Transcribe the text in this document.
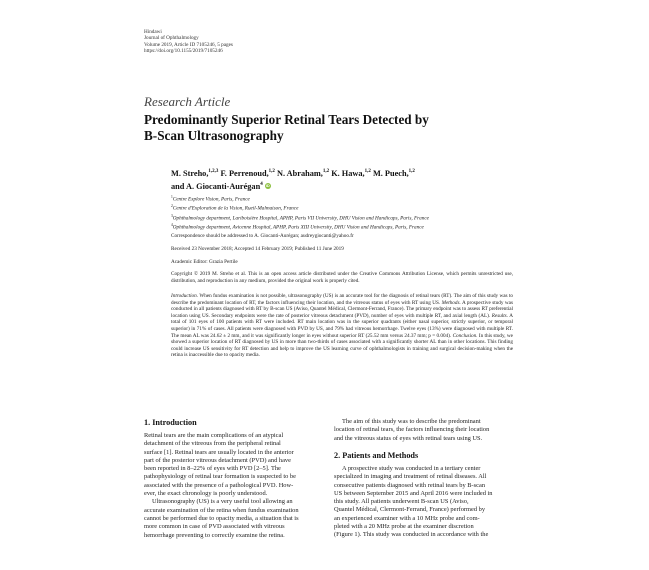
Hindawi
Journal of Ophthalmology
Volume 2019, Article ID 7105246, 5 pages
https://doi.org/10.1155/2019/7105246
Research Article
Predominantly Superior Retinal Tears Detected by
B-Scan Ultrasonography
M. Streho,$^{1,2,3}$ F. Perrenoud,$^{1,2}$ N. Abraham,$^{1,2}$ K. Hawa,$^{1,2}$ M. Puech,$^{1,2}$
and A. Giocanti-Aurégan$^4$ iD
$^1$Centre Explore Vision, Paris, France
$^2$Centre d'Exploration de la Vision, Rueil-Malmaison, France
$^3$Ophthalmology department, Lariboisière Hospital, APHP, Paris VII University, DHU Vision and Handicaps, Paris, France
$^4$Ophthalmology department, Avicenne Hospital, APHP, Paris XIII University, DHU Vision and Handicaps, Paris, France
Correspondence should be addressed to A. Giocanti-Aurégan; audreygiocanti@yahoo.fr
Received 23 November 2018; Accepted 14 February 2019; Published 11 June 2019
Academic Editor: Grazia Pertile
Copyright © 2019 M. Streho et al. This is an open access article distributed under the Creative Commons Attribution License, which permits unrestricted use, distribution, and reproduction in any medium, provided the original work is properly cited.

Introduction. When fundus examination is not possible, ultrasonography (US) is an accurate tool for the diagnosis of retinal tears (RT). The aim of this study was to describe the predominant location of RT, the factors influencing their location, and the vitreous status of eyes with RT using US. Methods. A prospective study was conducted in all patients diagnosed with RT by B-scan US (Aviso, Quantel Médical, Clermont-Ferrand, France). The primary endpoint was to assess RT preferential location using US. Secondary endpoints were the rate of posterior vitreous detachment (PVD), number of eyes with multiple RT, and axial length (AL). Results. A total of 101 eyes of 100 patients with RT were included. RT main location was in the superior quadrants (either nasal superior, strictly superior, or temporal superior) in 71% of cases. All patients were diagnosed with PVD by US, and 79% had vitreous hemorrhage. Twelve eyes (13%) were diagnosed with multiple RT. The mean AL was 24.62 ± 2 mm, and it was significantly longer in eyes without superior RT (25.52 mm versus 24.37 mm; p = 0.004). Conclusion. In this study, we showed a superior location of RT diagnosed by US in more than two-thirds of cases associated with a significantly shorter AL than in other locations. This finding could increase US sensitivity for RT detection and help to improve the US learning curve of ophthalmologists in training and surgical decision-making when the retina is inaccessible due to opacity media.

1. Introduction
Retinal tears are the main complications of an atypical
detachment of the vitreous from the peripheral retinal
surface [1]. Retinal tears are usually located in the anterior
part of the posterior vitreous detachment (PVD) and have
been reported in 8–22% of eyes with PVD [2–5]. The
pathophysiology of retinal tear formation is suspected to be
associated with the presence of a pathological PVD. How-
ever, the exact chronology is poorly understood.
Ultrasonography (US) is a very useful tool allowing an
accurate examination of the retina when fundus examination
cannot be performed due to opacity media, a situation that is
more common in case of PVD associated with vitreous
hemorrhage preventing to correctly examine the retina.
The aim of this study was to describe the predominant
location of retinal tears, the factors influencing their location
and the vitreous status of eyes with retinal tears using US.
2. Patients and Methods
A prospective study was conducted in a tertiary center
specialized in imaging and treatment of retinal diseases. All
consecutive patients diagnosed with retinal tears by B-scan
US between September 2015 and April 2016 were included in
this study. All patients underwent B-scan US (Aviso,
Quantel Médical, Clermont-Ferrand, France) performed by
an experienced examiner with a 10 MHz probe and com-
pleted with a 20 MHz probe at the examiner discretion
(Figure 1). This study was conducted in accordance with the
